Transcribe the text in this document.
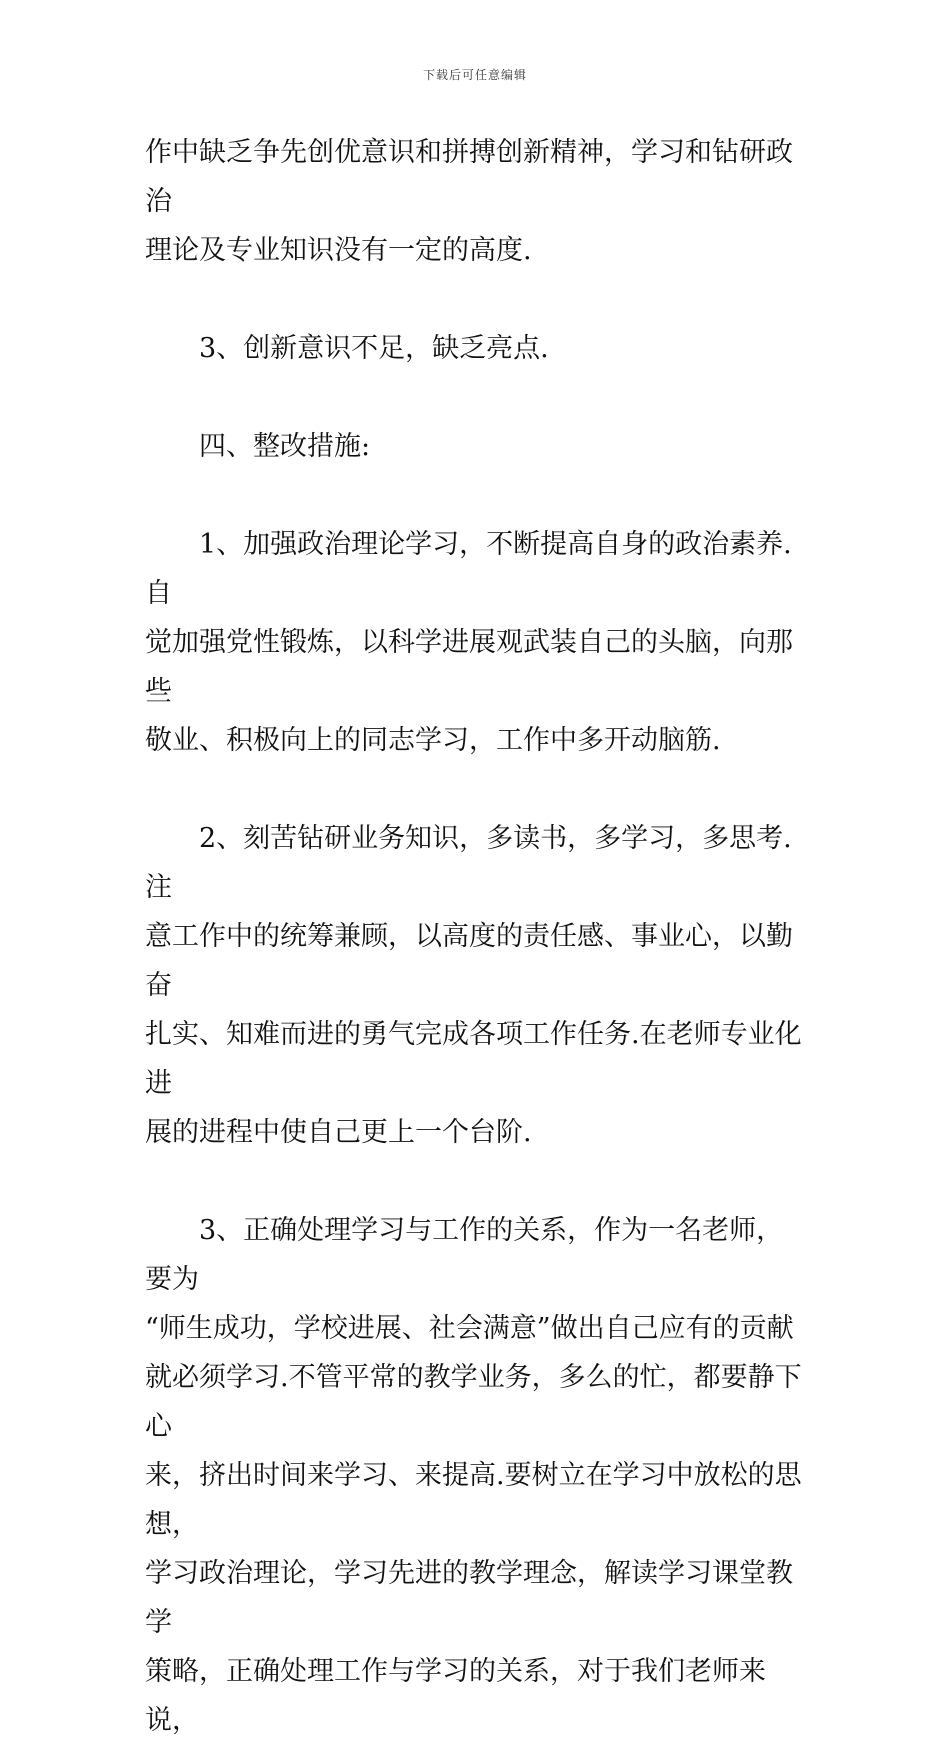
下载后可任意编辑
作中缺乏争先创优意识和拼搏创新精神，学习和钻研政治
理论及专业知识没有一定的高度.
3、创新意识不足，缺乏亮点.
四、整改措施:
1、加强政治理论学习，不断提高自身的政治素养.自
觉加强党性锻炼，以科学进展观武装自己的头脑，向那些
敬业、积极向上的同志学习，工作中多开动脑筋.
2、刻苦钻研业务知识，多读书，多学习，多思考.注
意工作中的统筹兼顾，以高度的责任感、事业心，以勤奋
扎实、知难而进的勇气完成各项工作任务.在老师专业化进
展的进程中使自己更上一个台阶.
3、正确处理学习与工作的关系，作为一名老师，要为
“师生成功，学校进展、社会满意”做出自己应有的贡献
就必须学习.不管平常的教学业务，多么的忙，都要静下心
来，挤出时间来学习、来提高.要树立在学习中放松的思想，
学习政治理论，学习先进的教学理念，解读学习课堂教学
策略，正确处理工作与学习的关系，对于我们老师来说，
